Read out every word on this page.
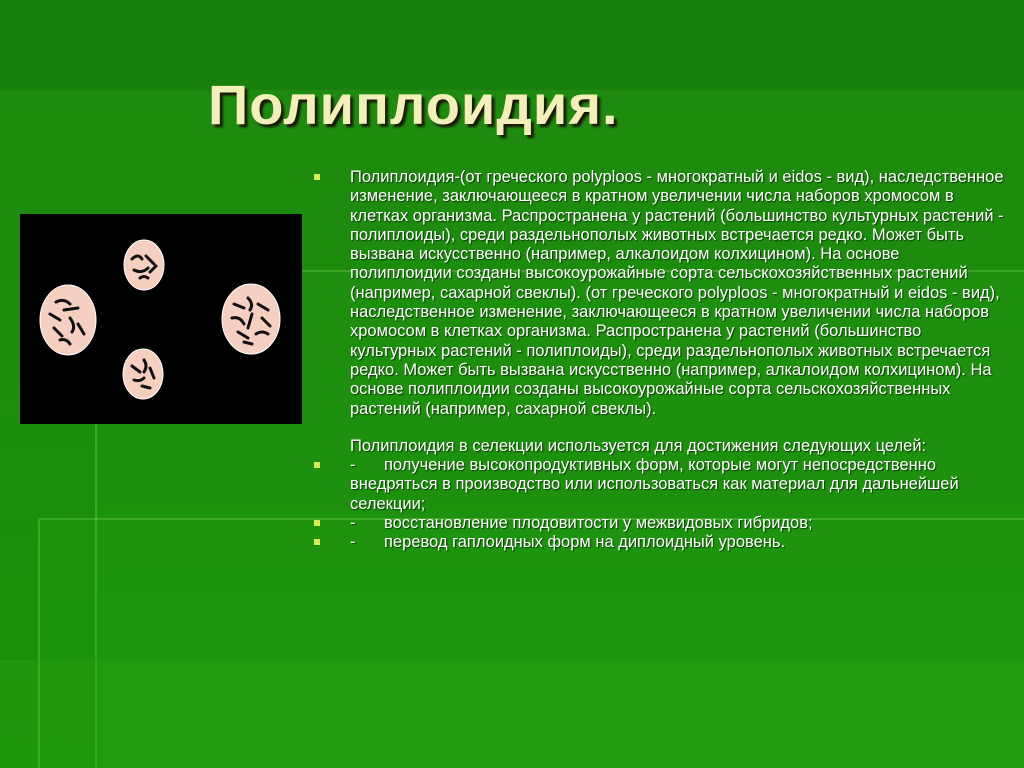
Полиплоидия.

Полиплоидия-(от греческого polyploos - многократный и eidos - вид), наследственное изменение, заключающееся в кратном увеличении числа наборов хромосом в клетках организма. Распространена у растений (большинство культурных растений - полиплоиды), среди раздельнополых животных встречается редко. Может быть вызвана искусственно (например, алкалоидом колхицином). На основе полиплоидии созданы высокоурожайные сорта сельскохозяйственных растений (например, сахарной свеклы). (от греческого polyploos - многократный и eidos - вид), наследственное изменение, заключающееся в кратном увеличении числа наборов хромосом в клетках организма. Распространена у растений (большинство культурных растений - полиплоиды), среди раздельнополых животных встречается редко. Может быть вызвана искусственно (например, алкалоидом колхицином). На основе полиплоидии созданы высокоурожайные сорта сельскохозяйственных растений (например, сахарной свеклы).

Полиплоидия в селекции используется для достижения следующих целей:

- получение высокопродуктивных форм, которые могут непосредственно внедряться в производство или использоваться как материал для дальнейшей селекции;

- восстановление плодовитости у межвидовых гибридов;

- перевод гаплоидных форм на диплоидный уровень.
